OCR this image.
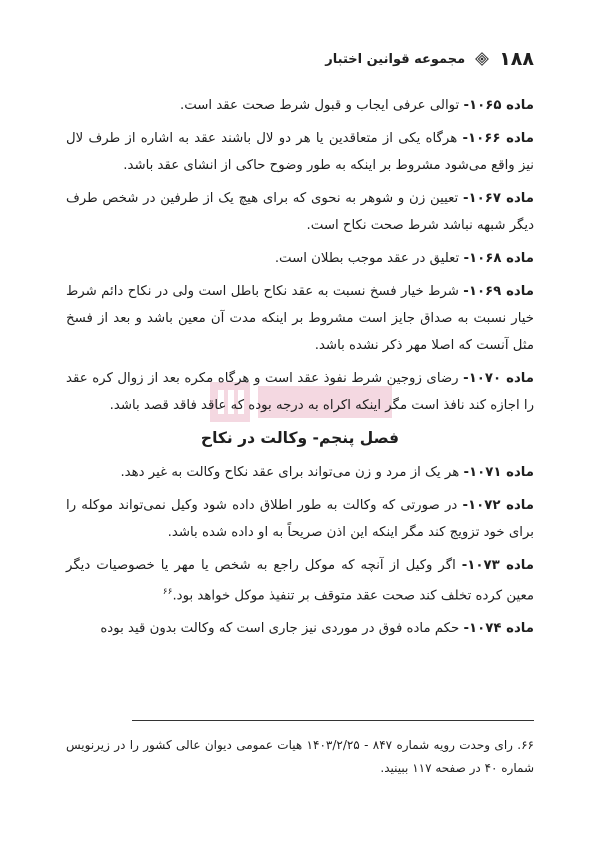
۱۸۸
مجموعه قوانین اختبار

ماده ۱۰۶۵- توالی عرفی ایجاب و قبول شرط صحت عقد است.

ماده ۱۰۶۶- هرگاه یکی از متعاقدین یا هر دو لال باشند عقد به اشاره از طرف لال نیز واقع می‌شود مشروط بر اینکه به طور وضوح حاکی از انشای عقد باشد.

ماده ۱۰۶۷- تعیین زن و شوهر به نحوی که برای هیچ یک از طرفین در شخص طرف دیگر شبهه نباشد شرط صحت نکاح است.

ماده ۱۰۶۸- تعلیق در عقد موجب بطلان است.

ماده ۱۰۶۹- شرط خیار فسخ نسبت به عقد نکاح باطل است ولی در نکاح دائم شرط خیار نسبت به صداق جایز است مشروط بر اینکه مدت آن معین باشد و بعد از فسخ مثل آنست که اصلا مهر ذکر نشده باشد.

ماده ۱۰۷۰- رضای زوجین شرط نفوذ عقد است و هرگاه مکره بعد از زوال کره عقد را اجازه کند نافذ است مگر اینکه اکراه به درجه بوده که عاقد فاقد قصد باشد.

فصل پنجم- وکالت در نکاح

ماده ۱۰۷۱- هر یک از مرد و زن می‌تواند برای عقد نکاح وکالت به غیر دهد.

ماده ۱۰۷۲- در صورتی که وکالت به طور اطلاق داده شود وکیل نمی‌تواند موکله را برای خود تزویج کند مگر اینکه این اذن صریحاً به او داده شده باشد.

ماده ۱۰۷۳- اگر وکیل از آنچه که موکل راجع به شخص یا مهر یا خصوصیات دیگر معین کرده تخلف کند صحت عقد متوقف بر تنفیذ موکل خواهد بود.$^{۶۶}$

ماده ۱۰۷۴- حکم ماده فوق در موردی نیز جاری است که وکالت بدون قید بوده

۶۶. رای وحدت رویه شماره ۸۴۷ - ۱۴۰۳/۲/۲۵ هیات عمومی دیوان عالی کشور را در زیرنویس شماره ۴۰ در صفحه ۱۱۷ ببینید.
